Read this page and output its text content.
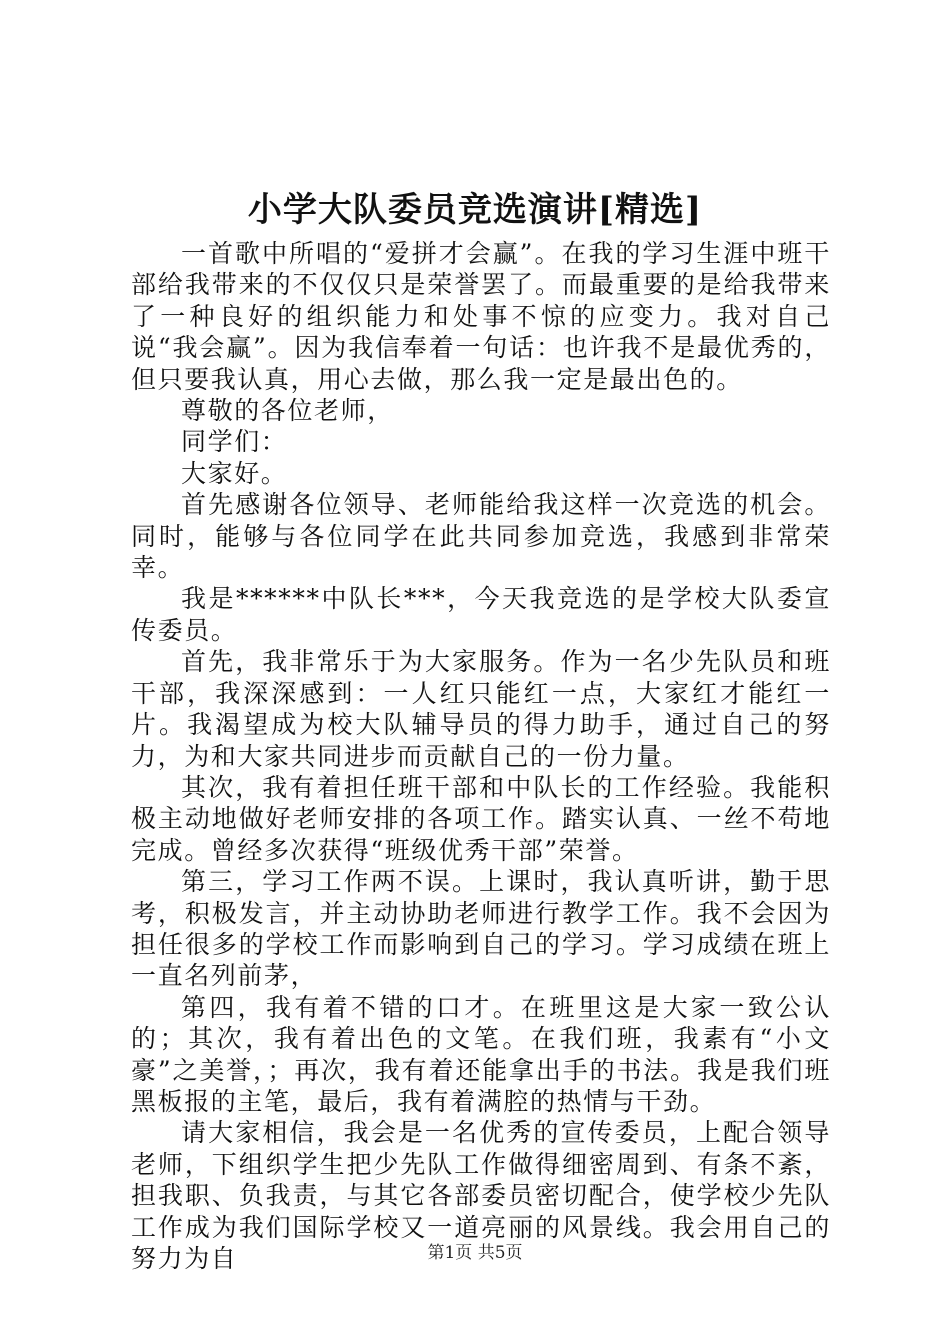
小学大队委员竞选演讲[精选]

一首歌中所唱的“爱拼才会赢”。在我的学习生涯中班干部给我带来的不仅仅只是荣誉罢了。而最重要的是给我带来了一种良好的组织能力和处事不惊的应变力。我对自己说“我会赢”。因为我信奉着一句话：也许我不是最优秀的，但只要我认真，用心去做，那么我一定是最出色的。

尊敬的各位老师，

同学们：

大家好。

首先感谢各位领导、老师能给我这样一次竞选的机会。同时，能够与各位同学在此共同参加竞选，我感到非常荣幸。

我是******中队长***，今天我竞选的是学校大队委宣传委员。

首先，我非常乐于为大家服务。作为一名少先队员和班干部，我深深感到：一人红只能红一点，大家红才能红一片。我渴望成为校大队辅导员的得力助手，通过自己的努力，为和大家共同进步而贡献自己的一份力量。

其次，我有着担任班干部和中队长的工作经验。我能积极主动地做好老师安排的各项工作。踏实认真、一丝不苟地完成。曾经多次获得“班级优秀干部”荣誉。

第三，学习工作两不误。上课时，我认真听讲，勤于思考，积极发言，并主动协助老师进行教学工作。我不会因为担任很多的学校工作而影响到自己的学习。学习成绩在班上一直名列前茅，

第四，我有着不错的口才。在班里这是大家一致公认的；其次，我有着出色的文笔。在我们班，我素有“小文豪”之美誉，；再次，我有着还能拿出手的书法。我是我们班黑板报的主笔，最后，我有着满腔的热情与干劲。

请大家相信，我会是一名优秀的宣传委员，上配合领导老师，下组织学生把少先队工作做得细密周到、有条不紊，担我职、负我责，与其它各部委员密切配合，使学校少先队工作成为我们国际学校又一道亮丽的风景线。我会用自己的努力为自	第1页 共5页
